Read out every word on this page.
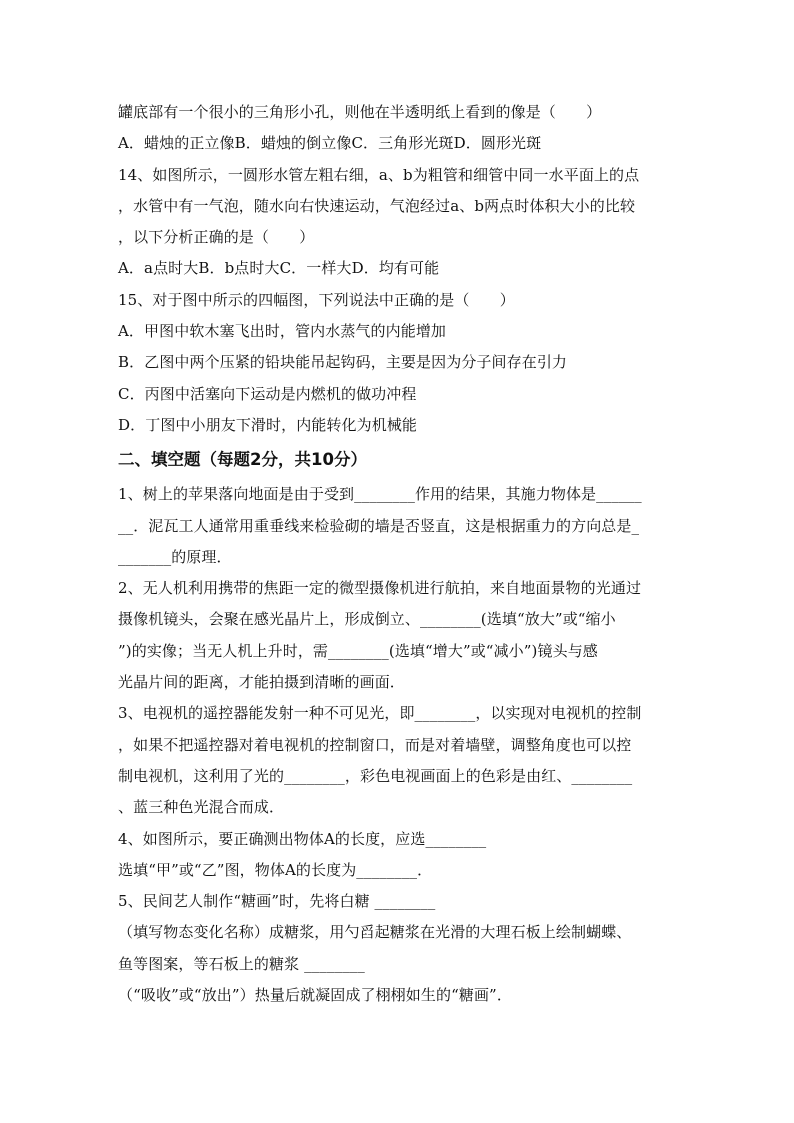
罐底部有一个很小的三角形小孔，则他在半透明纸上看到的像是（　　）
A．蜡烛的正立像B．蜡烛的倒立像C．三角形光斑D．圆形光斑
14、如图所示，一圆形水管左粗右细，a、b为粗管和细管中同一水平面上的点
，水管中有一气泡，随水向右快速运动，气泡经过a、b两点时体积大小的比较
，以下分析正确的是（　　）
A．a点时大B．b点时大C．一样大D．均有可能
15、对于图中所示的四幅图，下列说法中正确的是（　　）
A．甲图中软木塞飞出时，管内水蒸气的内能增加
B．乙图中两个压紧的铅块能吊起钩码，主要是因为分子间存在引力
C．丙图中活塞向下运动是内燃机的做功冲程
D．丁图中小朋友下滑时，内能转化为机械能
二、填空题（每题2分，共10分）
1、树上的苹果落向地面是由于受到________作用的结果，其施力物体是______
__．泥瓦工人通常用重垂线来检验砌的墙是否竖直，这是根据重力的方向总是_
_______的原理．
2、无人机利用携带的焦距一定的微型摄像机进行航拍，来自地面景物的光通过
摄像机镜头，会聚在感光晶片上，形成倒立、________(选填“放大”或“缩小
”)的实像；当无人机上升时，需________(选填“增大”或“减小”)镜头与感
光晶片间的距离，才能拍摄到清晰的画面．
3、电视机的遥控器能发射一种不可见光，即________，以实现对电视机的控制
，如果不把遥控器对着电视机的控制窗口，而是对着墙壁，调整角度也可以控
制电视机，这利用了光的________，彩色电视画面上的色彩是由红、________
、蓝三种色光混合而成．
4、如图所示，要正确测出物体A的长度，应选________
选填“甲”或“乙”图，物体A的长度为________．
5、民间艺人制作“糖画”时，先将白糖 ________
（填写物态变化名称）成糖浆，用勺舀起糖浆在光滑的大理石板上绘制蝴蝶、
鱼等图案，等石板上的糖浆 ________
（“吸收”或“放出”）热量后就凝固成了栩栩如生的“糖画”．
